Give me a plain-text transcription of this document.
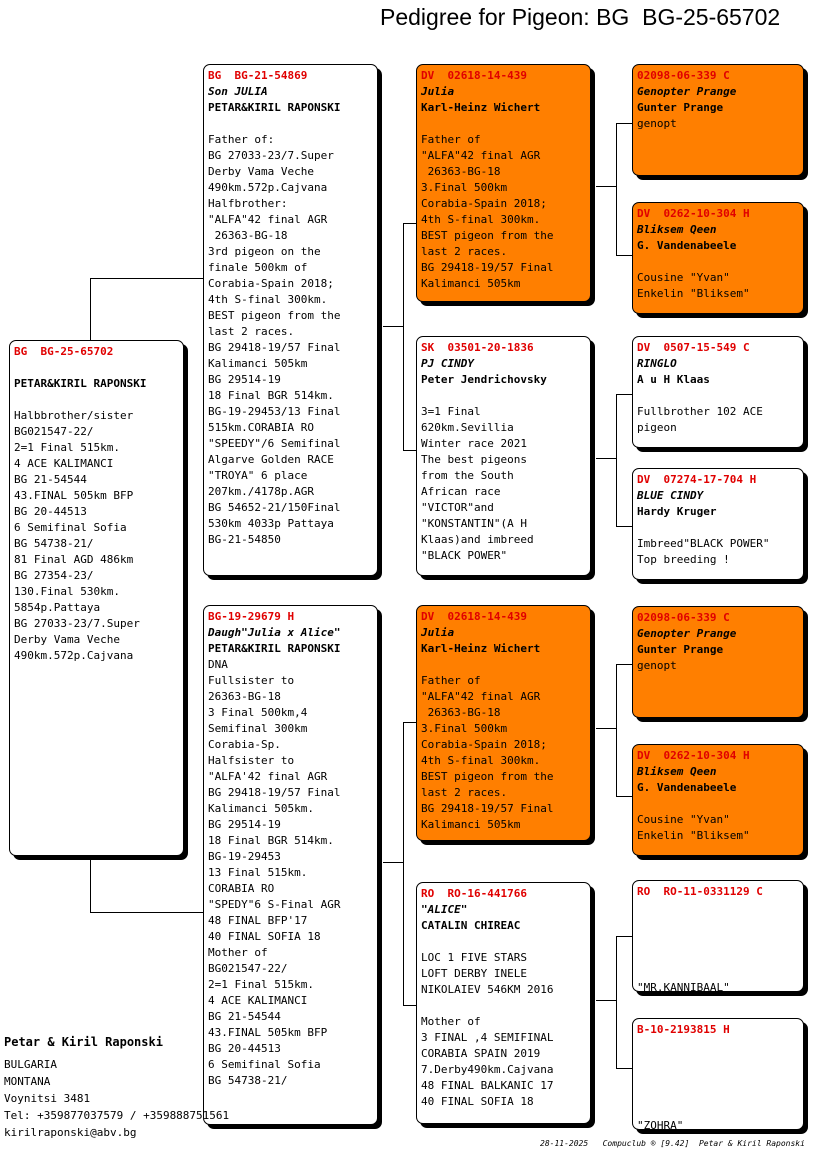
Pedigree for Pigeon: BG  BG-25-65702
BG  BG-25-65702
PETAR&KIRIL RAPONSKI
Halbbrother/sister
BG021547-22/
2=1 Final 515km.
4 ACE KALIMANCI
BG 21-54544
43.FINAL 505km BFP
BG 20-44513
6 Semifinal Sofia
BG 54738-21/
81 Final AGD 486km
BG 27354-23/
130.Final 530km.
5854p.Pattaya
BG 27033-23/7.Super
Derby Vama Veche
490km.572p.Cajvana
BG  BG-21-54869
Son JULIA
PETAR&KIRIL RAPONSKI
Father of:
BG 27033-23/7.Super
Derby Vama Veche
490km.572p.Cajvana
Halfbrother:
"ALFA"42 final AGR
26363-BG-18
3rd pigeon on the
finale 500km of
Corabia-Spain 2018;
4th S-final 300km.
BEST pigeon from the
last 2 races.
BG 29418-19/57 Final
Kalimanci 505km
BG 29514-19
18 Final BGR 514km.
BG-19-29453/13 Final
515km.CORABIA RO
"SPEEDY"/6 Semifinal
Algarve Golden RACE
"TROYA" 6 place
207km./4178p.AGR
BG 54652-21/150Final
530km 4033p Pattaya
BG-21-54850
BG-19-29679 H
Daugh"Julia x Alice"
PETAR&KIRIL RAPONSKI
DNA
Fullsister to
26363-BG-18
3 Final 500km,4
Semifinal 300km
Corabia-Sp.
Halfsister to
"ALFA'42 final AGR
BG 29418-19/57 Final
Kalimanci 505km.
BG 29514-19
18 Final BGR 514km.
BG-19-29453
13 Final 515km.
CORABIA RO
"SPEDY"6 S-Final AGR
48 FINAL BFP'17
40 FINAL SOFIA 18
Mother of
BG021547-22/
2=1 Final 515km.
4 ACE KALIMANCI
BG 21-54544
43.FINAL 505km BFP
BG 20-44513
6 Semifinal Sofia
BG 54738-21/
DV  02618-14-439
Julia
Karl-Heinz Wichert
Father of
"ALFA"42 final AGR
26363-BG-18
3.Final 500km
Corabia-Spain 2018;
4th S-final 300km.
BEST pigeon from the
last 2 races.
BG 29418-19/57 Final
Kalimanci 505km
SK  03501-20-1836
PJ CINDY
Peter Jendrichovsky
3=1 Final
620km.Sevillia
Winter race 2021
The best pigeons
from the South
African race
"VICTOR"and
"KONSTANTIN"(A H
Klaas)and imbreed
"BLACK POWER"
DV  02618-14-439
Julia
Karl-Heinz Wichert
Father of
"ALFA"42 final AGR
26363-BG-18
3.Final 500km
Corabia-Spain 2018;
4th S-final 300km.
BEST pigeon from the
last 2 races.
BG 29418-19/57 Final
Kalimanci 505km
RO  RO-16-441766
"ALICE"
CATALIN CHIREAC
LOC 1 FIVE STARS
LOFT DERBY INELE
NIKOLAIEV 546KM 2016
Mother of
3 FINAL ,4 SEMIFINAL
CORABIA SPAIN 2019
7.Derby490km.Cajvana
48 FINAL BALKANIC 17
40 FINAL SOFIA 18
02098-06-339 C
Genopter Prange
Gunter Prange
genopt
DV  0262-10-304 H
Bliksem Qeen
G. Vandenabeele
Cousine "Yvan"
Enkelin "Bliksem"
DV  0507-15-549 C
RINGLO
A u H Klaas
Fullbrother 102 ACE
pigeon
DV  07274-17-704 H
BLUE CINDY
Hardy Kruger
Imbreed"BLACK POWER"
Top breeding !
02098-06-339 C
Genopter Prange
Gunter Prange
genopt
DV  0262-10-304 H
Bliksem Qeen
G. Vandenabeele
Cousine "Yvan"
Enkelin "Bliksem"
RO  RO-11-0331129 C
"MR.KANNIBAAL"
B-10-2193815 H
"ZOHRA"
Petar & Kiril Raponski
BULGARIA
MONTANA
Voynitsi 3481
Tel: +359877037579 / +359888751561
kirilraponski@abv.bg
28-11-2025   Compuclub ® [9.42]  Petar & Kiril Raponski
